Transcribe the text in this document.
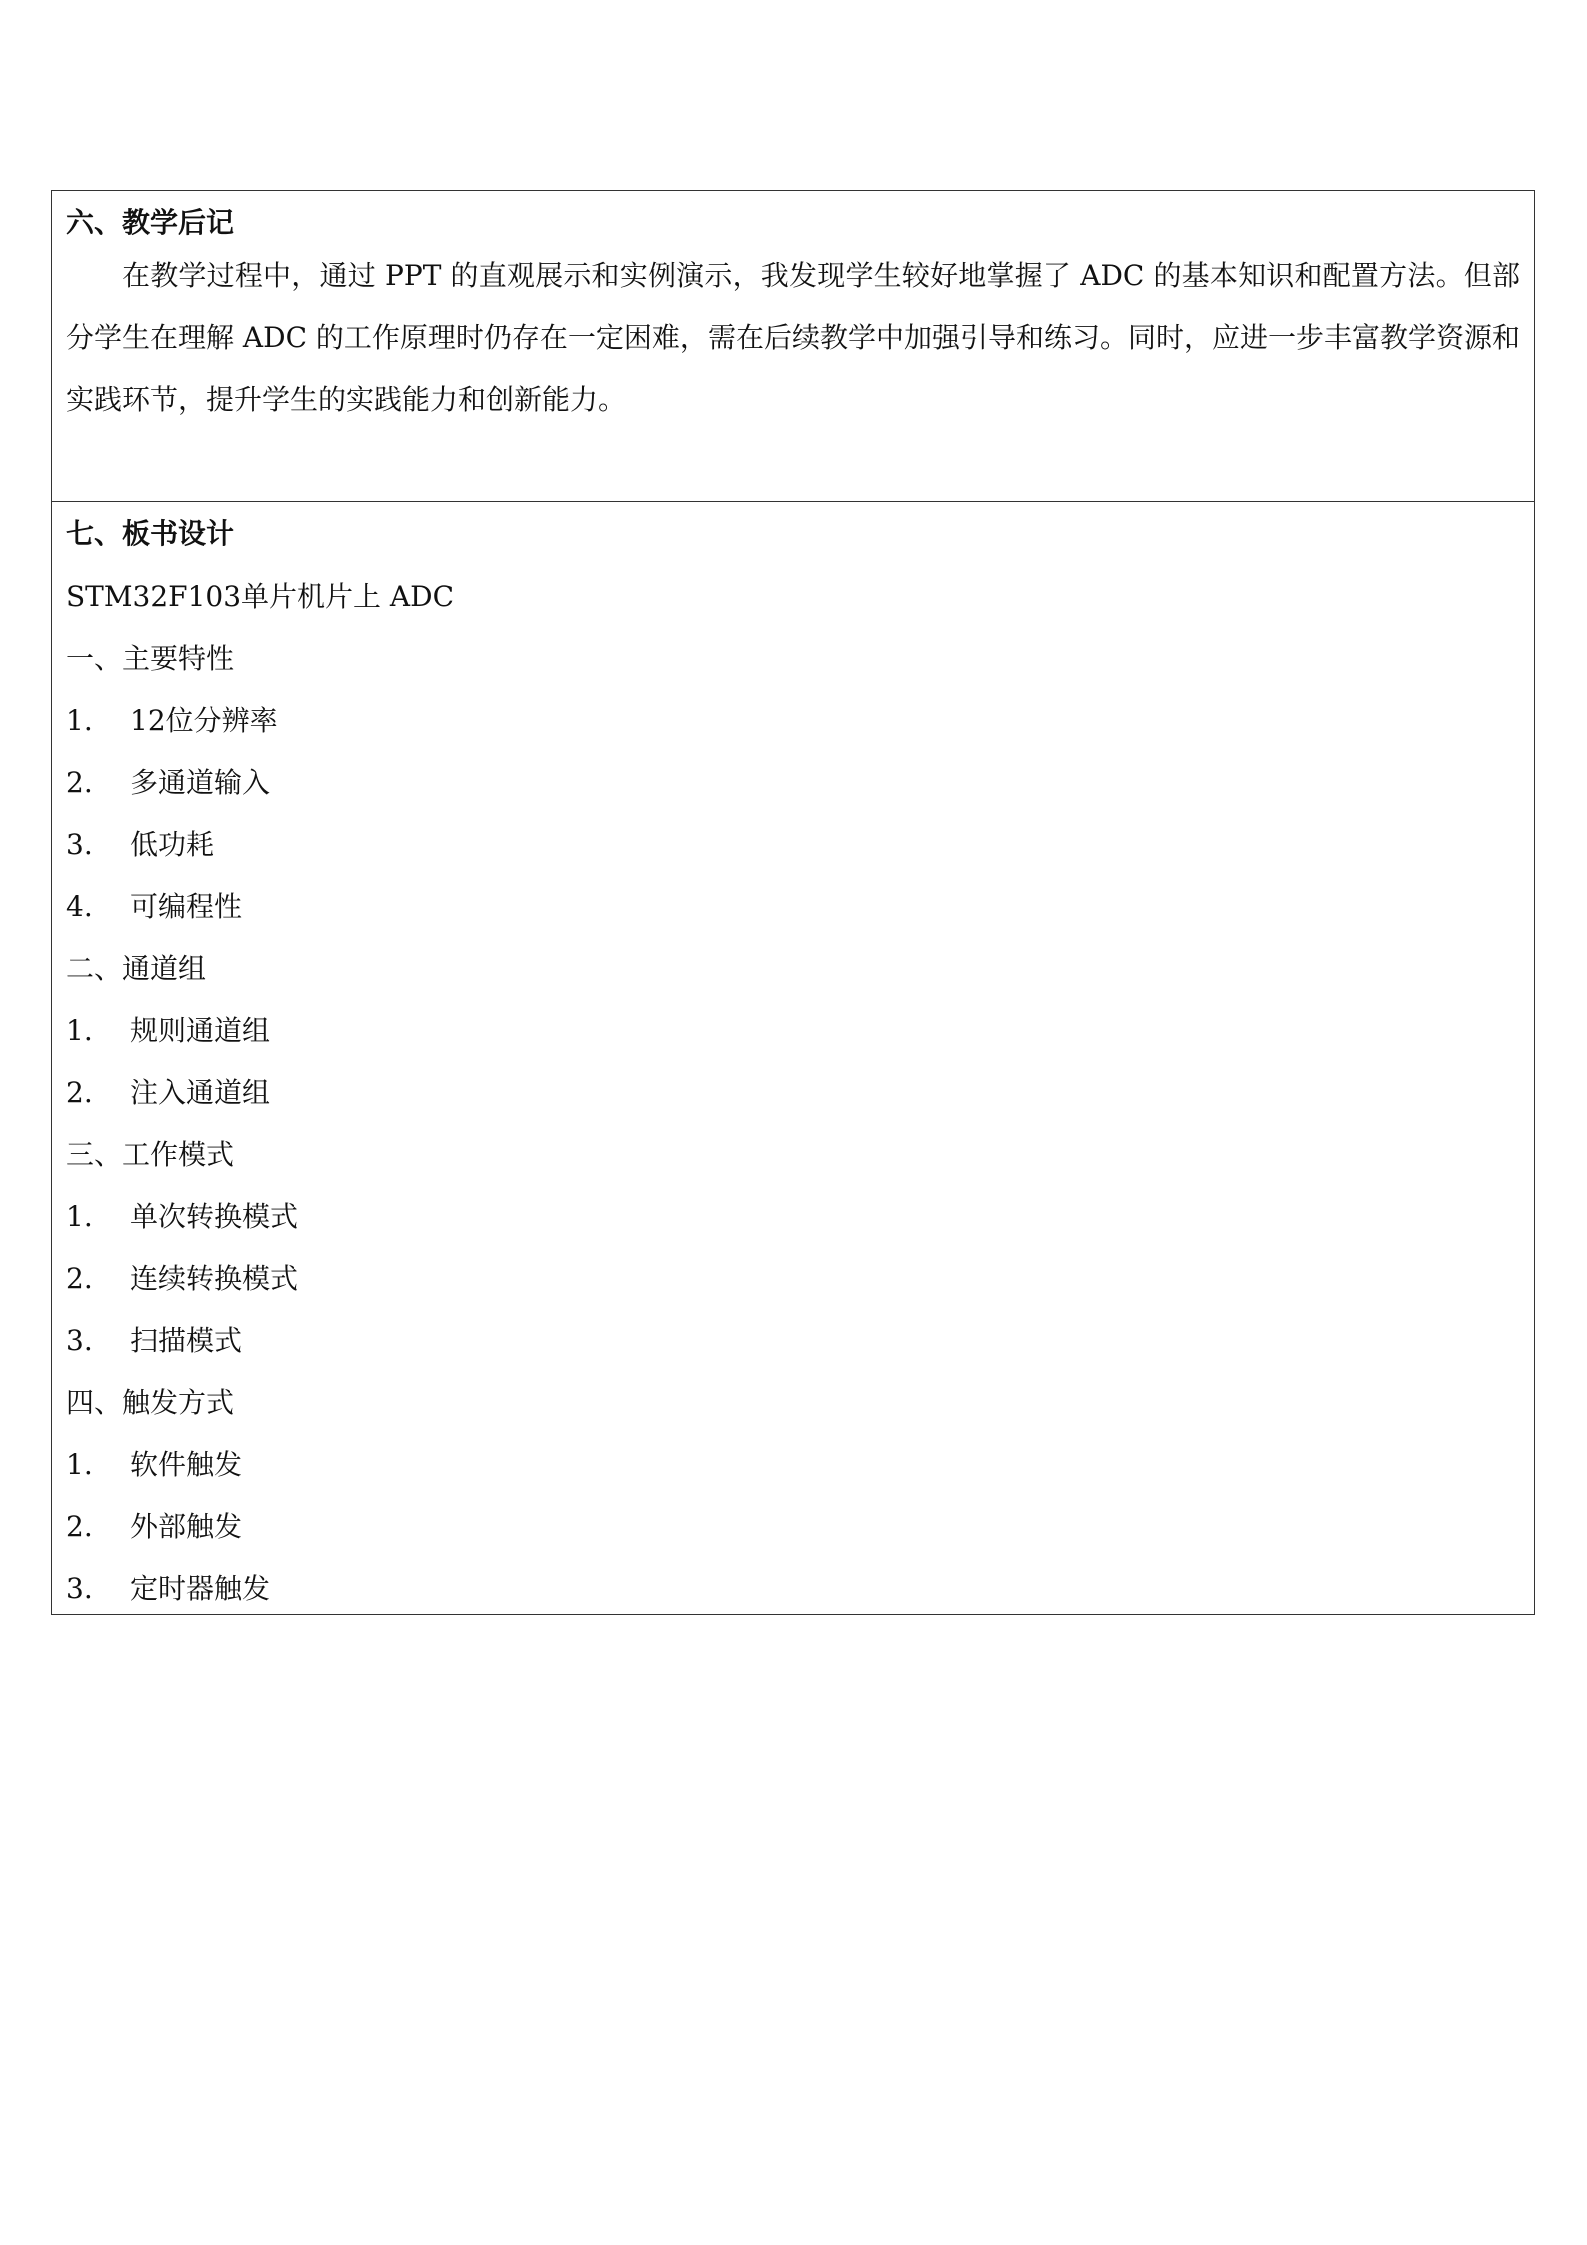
六、教学后记

在教学过程中，通过 PPT 的直观展示和实例演示，我发现学生较好地掌握了 ADC 的基本知识和配置方法。但部分学生在理解 ADC 的工作原理时仍存在一定困难，需在后续教学中加强引导和练习。同时，应进一步丰富教学资源和实践环节，提升学生的实践能力和创新能力。

七、板书设计
STM32F103单片机片上 ADC
一、主要特性
1. 12位分辨率
2. 多通道输入
3. 低功耗
4. 可编程性
二、通道组
1. 规则通道组
2. 注入通道组
三、工作模式
1. 单次转换模式
2. 连续转换模式
3. 扫描模式
四、触发方式
1. 软件触发
2. 外部触发
3. 定时器触发
